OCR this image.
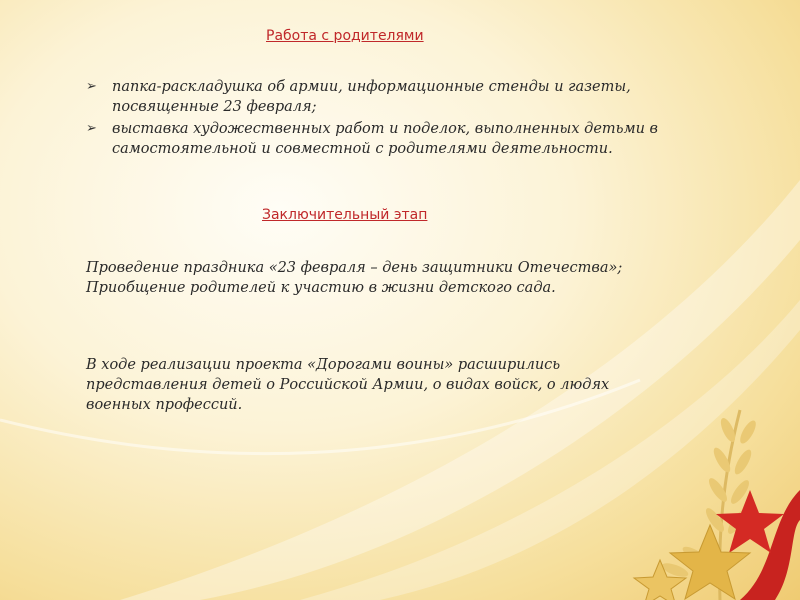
Работа с родителями
➢ папка-раскладушка об армии, информационные стенды и газеты,
посвященные 23 февраля;
➢ выставка художественных работ и поделок, выполненных детьми в
самостоятельной и совместной с родителями деятельности.
Заключительный этап
Проведение праздника «23 февраля – день защитники Отечества»;
Приобщение родителей к участию в жизни детского сада.
В ходе реализации проекта «Дорогами воины» расширились
представления детей о Российской Армии, о видах войск, о людях
военных профессий.
